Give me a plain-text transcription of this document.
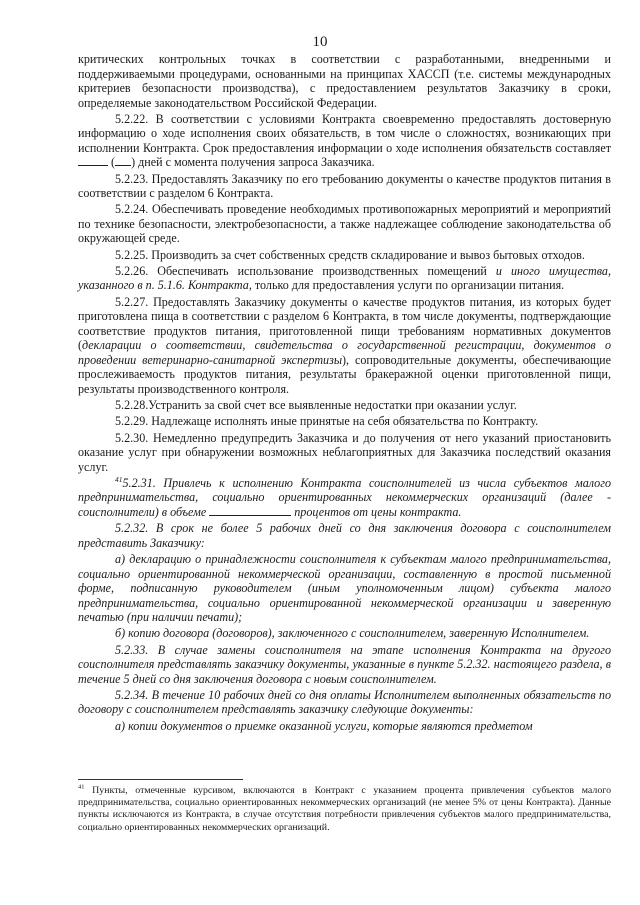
10

критических контрольных точках в соответствии с разработанными, внедренными и поддерживаемыми процедурами, основанными на принципах ХАССП (т.е. системы международных критериев безопасности производства), с предоставлением результатов Заказчику в сроки, определяемые законодательством Российской Федерации.

5.2.22. В соответствии с условиями Контракта своевременно предоставлять достоверную информацию о ходе исполнения своих обязательств, в том числе о сложностях, возникающих при исполнении Контракта. Срок предоставления информации о ходе исполнения обязательств составляет  ( ) дней с момента получения запроса Заказчика.

5.2.23. Предоставлять Заказчику по его требованию документы о качестве продуктов питания в соответствии с разделом 6 Контракта.

5.2.24. Обеспечивать проведение необходимых противопожарных мероприятий и мероприятий по технике безопасности, электробезопасности, а также надлежащее соблюдение законодательства об окружающей среде.

5.2.25. Производить за счет собственных средств складирование и вывоз бытовых отходов.

5.2.26. Обеспечивать использование производственных помещений и иного имущества, указанного в п. 5.1.6. Контракта, только для предоставления услуги по организации питания.

5.2.27. Предоставлять Заказчику документы о качестве продуктов питания, из которых будет приготовлена пища в соответствии с разделом 6 Контракта, в том числе документы, подтверждающие соответствие продуктов питания, приготовленной пищи требованиям нормативных документов (декларации о соответствии, свидетельства о государственной регистрации, документов о проведении ветеринарно-санитарной экспертизы), сопроводительные документы, обеспечивающие прослеживаемость продуктов питания, результаты бракеражной оценки приготовленной пищи, результаты производственного контроля.

5.2.28.Устранить за свой счет все выявленные недостатки при оказании услуг.

5.2.29. Надлежаще исполнять иные принятые на себя обязательства по Контракту.

5.2.30. Немедленно предупредить Заказчика и до получения от него указаний приостановить оказание услуг при обнаружении возможных неблагоприятных для Заказчика последствий оказания услуг.

$^{41}$5.2.31. Привлечь к исполнению Контракта соисполнителей из числа субъектов малого предпринимательства, социально ориентированных некоммерческих организаций (далее - соисполнители) в объеме	процентов от цены контракта.

5.2.32. В срок не более 5 рабочих дней со дня заключения договора с соисполнителем представить Заказчику:

а) декларацию о принадлежности соисполнителя к субъектам малого предпринимательства, социально ориентированной некоммерческой организации, составленную в простой письменной форме, подписанную руководителем (иным уполномоченным лицом) субъекта малого предпринимательства, социально ориентированной некоммерческой организации и заверенную печатью (при наличии печати);

б) копию договора (договоров), заключенного с соисполнителем, заверенную Исполнителем.

5.2.33. В случае замены соисполнителя на этапе исполнения Контракта на другого соисполнителя представлять заказчику документы, указанные в пункте 5.2.32. настоящего раздела, в течение 5 дней со дня заключения договора с новым соисполнителем.

5.2.34. В течение 10 рабочих дней со дня оплаты Исполнителем выполненных обязательств по договору с соисполнителем представлять заказчику следующие документы:

а) копии документов о приемке оказанной услуги, которые являются предметом

$^{41}$ Пункты, отмеченные курсивом, включаются в Контракт с указанием процента привлечения субъектов малого предпринимательства, социально ориентированных некоммерческих организаций (не менее 5% от цены Контракта). Данные пункты исключаются из Контракта, в случае отсутствия потребности привлечения субъектов малого предпринимательства, социально ориентированных некоммерческих организаций.
